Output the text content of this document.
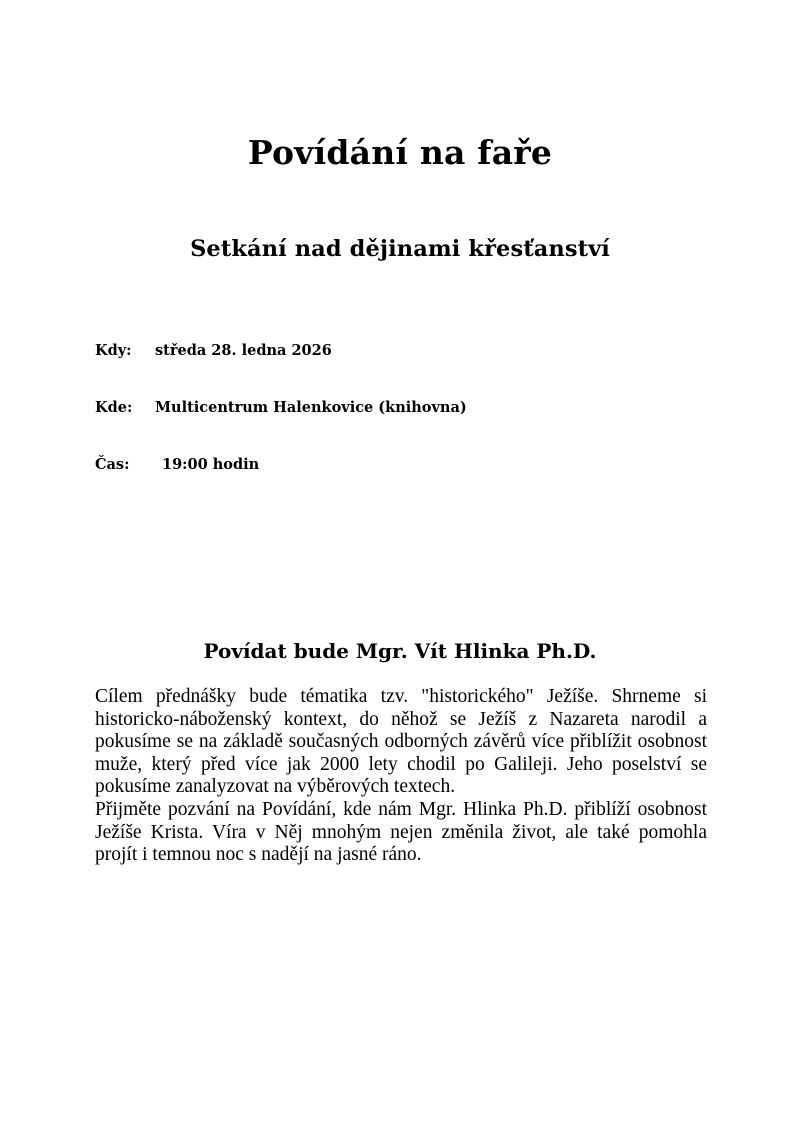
Povídání na faře
Setkání nad dějinami křesťanství
Kdy: středa 28. ledna 2026
Kde: Multicentrum Halenkovice (knihovna)
Čas: 19:00 hodin
Povídat bude Mgr. Vít Hlinka Ph.D.

Cílem přednášky bude tématika tzv. "historického" Ježíše. Shrneme si historicko-náboženský kontext, do něhož se Ježíš z Nazareta narodil a pokusíme se na základě současných odborných závěrů více přiblížit osobnost muže, který před více jak 2000 lety chodil po Galileji. Jeho poselství se pokusíme zanalyzovat na výběrových textech.

Přijměte pozvání na Povídání, kde nám Mgr. Hlinka Ph.D. přiblíží osobnost Ježíše Krista. Víra v Něj mnohým nejen změnila život, ale také pomohla projít i temnou noc s nadějí na jasné ráno.
